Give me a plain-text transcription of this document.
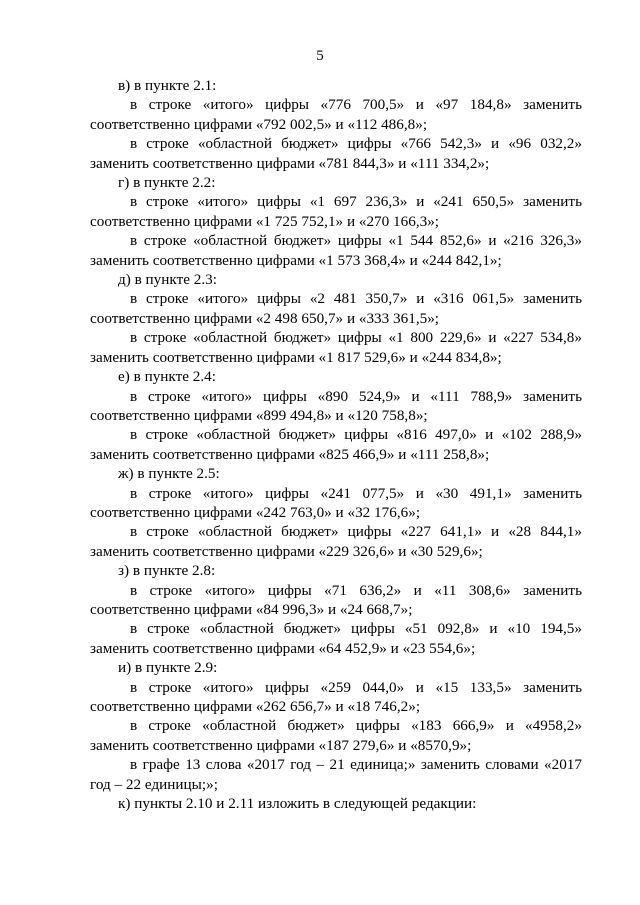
5

в) в пункте 2.1:

в строке «итого» цифры «776 700,5» и «97 184,8» заменить соответственно цифрами «792 002,5» и «112 486,8»;

в строке «областной бюджет» цифры «766 542,3» и «96 032,2» заменить соответственно цифрами «781 844,3» и «111 334,2»;

г) в пункте 2.2:

в строке «итого» цифры «1 697 236,3» и «241 650,5» заменить соответственно цифрами «1 725 752,1» и «270 166,3»;

в строке «областной бюджет» цифры «1 544 852,6» и «216 326,3» заменить соответственно цифрами «1 573 368,4» и «244 842,1»;

д) в пункте 2.3:

в строке «итого» цифры «2 481 350,7» и «316 061,5» заменить соответственно цифрами «2 498 650,7» и «333 361,5»;

в строке «областной бюджет» цифры «1 800 229,6» и «227 534,8» заменить соответственно цифрами «1 817 529,6» и «244 834,8»;

е) в пункте 2.4:

в строке «итого» цифры «890 524,9» и «111 788,9» заменить соответственно цифрами «899 494,8» и «120 758,8»;

в строке «областной бюджет» цифры «816 497,0» и «102 288,9» заменить соответственно цифрами «825 466,9» и «111 258,8»;

ж) в пункте 2.5:

в строке «итого» цифры «241 077,5» и «30 491,1» заменить соответственно цифрами «242 763,0» и «32 176,6»;

в строке «областной бюджет» цифры «227 641,1» и «28 844,1» заменить соответственно цифрами «229 326,6» и «30 529,6»;

з) в пункте 2.8:

в строке «итого» цифры «71 636,2» и «11 308,6» заменить соответственно цифрами «84 996,3» и «24 668,7»;

в строке «областной бюджет» цифры «51 092,8» и «10 194,5» заменить соответственно цифрами «64 452,9» и «23 554,6»;

и) в пункте 2.9:

в строке «итого» цифры «259 044,0» и «15 133,5» заменить соответственно цифрами «262 656,7» и «18 746,2»;

в строке «областной бюджет» цифры «183 666,9» и «4958,2» заменить соответственно цифрами «187 279,6» и «8570,9»;

в графе 13 слова «2017 год – 21 единица;» заменить словами «2017 год – 22 единицы;»;

к) пункты 2.10 и 2.11 изложить в следующей редакции:
